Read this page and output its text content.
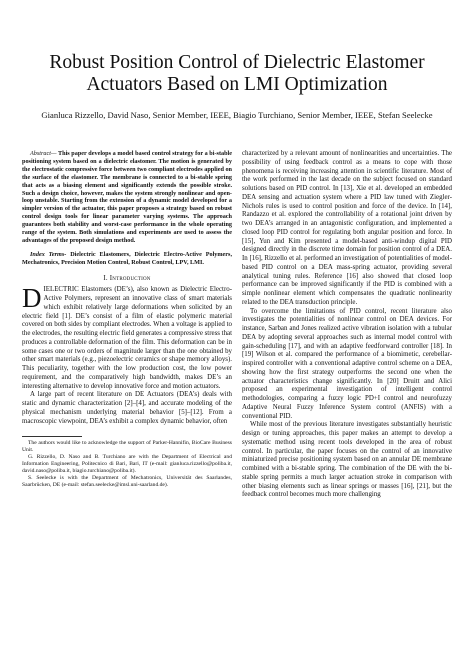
Robust Position Control of Dielectric Elastomer Actuators Based on LMI Optimization
Gianluca Rizzello, David Naso, Senior Member, IEEE, Biagio Turchiano, Senior Member, IEEE, Stefan Seelecke

Abstract— This paper develops a model based control strategy for a bi-stable positioning system based on a dielectric elastomer. The motion is generated by the electrostatic compressive force between two compliant electrodes applied on the surface of the elastomer. The membrane is connected to a bi-stable spring that acts as a biasing element and significantly extends the possible stroke. Such a design choice, however, makes the system strongly nonlinear and open-loop unstable. Starting from the extension of a dynamic model developed for a simpler version of the actuator, this paper proposes a strategy based on robust control design tools for linear parameter varying systems. The approach guarantees both stability and worst-case performance in the whole operating range of the system. Both simulations and experiments are used to assess the advantages of the proposed design method.

Index Terms- Dielectric Elastomers, Dielectric Electro-Active Polymers, Mechatronics, Precision Motion Control, Robust Control, LPV, LMI.

I. Introduction

DIELECTRIC Elastomers (DE’s), also known as Dielectric Electro-Active Polymers, represent an innovative class of smart materials which exhibit relatively large deformations when solicited by an electric field [1]. DE’s consist of a film of elastic polymeric material covered on both sides by compliant electrodes. When a voltage is applied to the electrodes, the resulting electric field generates a compressive stress that produces a controllable deformation of the film. This deformation can be in some cases one or two orders of magnitude larger than the one obtained by other smart materials (e.g., piezoelectric ceramics or shape memory alloys). This peculiarity, together with the low production cost, the low power requirement, and the comparatively high bandwidth, makes DE’s an interesting alternative to develop innovative force and motion actuators.

A large part of recent literature on DE Actuators (DEA’s) deals with static and dynamic characterization [2]–[4], and accurate modeling of the physical mechanism underlying material behavior [5]–[12]. From a macroscopic viewpoint, DEA’s exhibit a complex dynamic behavior, often

The authors would like to acknowledge the support of Parker-Hannifin, BioCare Business Unit.

G. Rizzello, D. Naso and B. Turchiano are with the Department of Electrical and Information Engineering, Politecnico di Bari, Bari, IT (e-mail: gianluca.rizzello@poliba.it, david.naso@poliba.it, biagio.turchiano@poliba.it).

S. Seelecke is with the Department of Mechatronics, Universität des Saarlandes, Saarbrücken, DE (e-mail: stefan.seelecke@imsl.uni-saarland.de).

characterized by a relevant amount of nonlinearities and uncertainties. The possibility of using feedback control as a means to cope with those phenomena is receiving increasing attention in scientific literature. Most of the work performed in the last decade on the subject focused on standard solutions based on PID control. In [13], Xie et al. developed an embedded DEA sensing and actuation system where a PID law tuned with Ziegler-Nichols rules is used to control position and force of the device. In [14], Randazzo et al. explored the controllability of a rotational joint driven by two DEA’s arranged in an antagonistic configuration, and implemented a closed loop PID control for regulating both angular position and force. In [15], Yun and Kim presented a model-based anti-windup digital PID designed directly in the discrete time domain for position control of a DEA. In [16], Rizzello et al. performed an investigation of potentialities of model-based PID control on a DEA mass-spring actuator, providing several analytical tuning rules. Reference [16] also showed that closed loop performance can be improved significantly if the PID is combined with a simple nonlinear element which compensates the quadratic nonlinearity related to the DEA transduction principle.

To overcome the limitations of PID control, recent literature also investigates the potentialities of nonlinear control on DEA devices. For instance, Sarban and Jones realized active vibration isolation with a tubular DEA by adopting several approaches such as internal model control with gain-scheduling [17], and with an adaptive feedforward controller [18]. In [19] Wilson et al. compared the performance of a biomimetic, cerebellar-inspired controller with a conventional adaptive control scheme on a DEA, showing how the first strategy outperforms the second one when the actuator characteristics change significantly. In [20] Druitt and Alici proposed an experimental investigation of intelligent control methodologies, comparing a fuzzy logic PD+I control and neurofuzzy Adaptive Neural Fuzzy Inference System control (ANFIS) with a conventional PID.

While most of the previous literature investigates substantially heuristic design or tuning approaches, this paper makes an attempt to develop a systematic method using recent tools developed in the area of robust control. In particular, the paper focuses on the control of an innovative miniaturized precise positioning system based on an annular DE membrane combined with a bi-stable spring. The combination of the DE with the bi-stable spring permits a much larger actuation stroke in comparison with other biasing elements such as linear springs or masses [16], [21], but the feedback control becomes much more challenging
